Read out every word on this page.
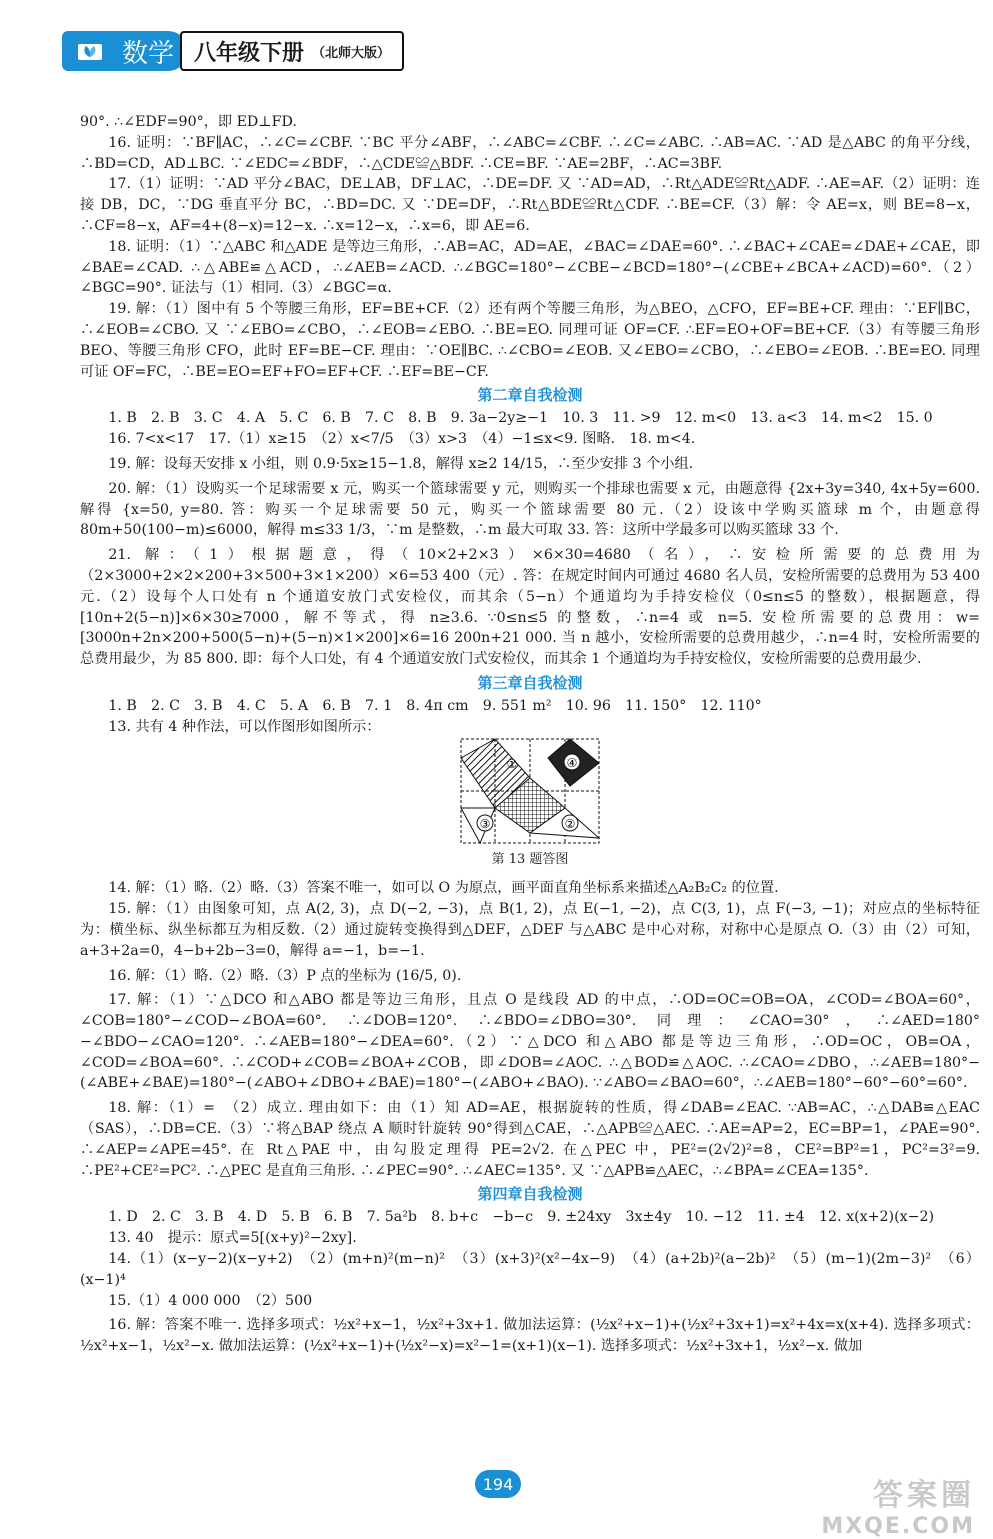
数学 八年级下册 （北师大版）

90°. ∴∠EDF=90°，即 ED⊥FD.

16. 证明：∵BF∥AC，∴∠C=∠CBF. ∵BC 平分∠ABF，∴∠ABC=∠CBF. ∴∠C=∠ABC. ∴AB=AC. ∵AD 是△ABC 的角平分线，∴BD=CD，AD⊥BC. ∵∠EDC=∠BDF，∴△CDE≌△BDF. ∴CE=BF. ∵AE=2BF，∴AC=3BF.

17.（1）证明：∵AD 平分∠BAC，DE⊥AB，DF⊥AC，∴DE=DF. 又 ∵AD=AD，∴Rt△ADE≌Rt△ADF. ∴AE=AF.（2）证明：连接 DB，DC，∵DG 垂直平分 BC，∴BD=DC. 又 ∵DE=DF，∴Rt△BDE≌Rt△CDF. ∴BE=CF.（3）解：令 AE=x，则 BE=8−x，∴CF=8−x，AF=4+(8−x)=12−x. ∴x=12−x，∴x=6，即 AE=6.

18. 证明：（1）∵△ABC 和△ADE 是等边三角形，∴AB=AC，AD=AE，∠BAC=∠DAE=60°. ∴∠BAC+∠CAE=∠DAE+∠CAE，即∠BAE=∠CAD. ∴△ABE≌△ACD，∴∠AEB=∠ACD. ∴∠BGC=180°−∠CBE−∠BCD=180°−(∠CBE+∠BCA+∠ACD)=60°.（2）∠BGC=90°. 证法与（1）相同.（3）∠BGC=α.

19. 解：（1）图中有 5 个等腰三角形，EF=BE+CF.（2）还有两个等腰三角形，为△BEO，△CFO，EF=BE+CF. 理由：∵EF∥BC，∴∠EOB=∠CBO. 又 ∵∠EBO=∠CBO，∴∠EOB=∠EBO. ∴BE=EO. 同理可证 OF=CF. ∴EF=EO+OF=BE+CF.（3）有等腰三角形 BEO、等腰三角形 CFO，此时 EF=BE−CF. 理由：∵OE∥BC. ∴∠CBO=∠EOB. 又∠EBO=∠CBO，∴∠EBO=∠EOB. ∴BE=EO. 同理可证 OF=FC，∴BE=EO=EF+FO=EF+CF. ∴EF=BE−CF.

第二章自我检测

1. B　2. B　3. C　4. A　5. C　6. B　7. C　8. B　9. 3a−2y≥−1　10. 3　11. >9　12. m<0　13. a<3　14. m<2　15. 0

16. 7<x<17　17.（1）x≥15　（2）x<7/5　（3）x>3　（4）−1≤x<9. 图略.　18. m<4.

19. 解：设每天安排 x 小组，则 0.9·5x≥15−1.8，解得 x≥2 14/15，∴至少安排 3 个小组.

20. 解：（1）设购买一个足球需要 x 元，购买一个篮球需要 y 元，则购买一个排球也需要 x 元，由题意得 {2x+3y=340, 4x+5y=600. 解得 {x=50, y=80. 答：购买一个足球需要 50 元，购买一个篮球需要 80 元.（2）设该中学购买篮球 m 个，由题意得 80m+50(100−m)≤6000，解得 m≤33 1/3，∵m 是整数，∴m 最大可取 33. 答：这所中学最多可以购买篮球 33 个.

21. 解：（1）根据题意，得（10×2+2×3）×6×30=4680（名），∴安检所需要的总费用为（2×3000+2×2×200+3×500+3×1×200）×6=53 400（元）. 答：在规定时间内可通过 4680 名人员，安检所需要的总费用为 53 400 元.（2）设每个人口处有 n 个通道安放门式安检仪，而其余（5−n）个通道均为手持安检仪（0≤n≤5 的整数），根据题意，得 [10n+2(5−n)]×6×30≥7000，解不等式，得 n≥3.6. ∵0≤n≤5 的整数，∴n=4 或 n=5. 安检所需要的总费用：w=[3000n+2n×200+500(5−n)+(5−n)×1×200]×6=16 200n+21 000. 当 n 越小，安检所需要的总费用越少，∴n=4 时，安检所需要的总费用最少，为 85 800. 即：每个人口处，有 4 个通道安放门式安检仪，而其余 1 个通道均为手持安检仪，安检所需要的总费用最少.

第三章自我检测

1. B　2. C　3. B　4. C　5. A　6. B　7. 1　8. 4π cm　9. 551 m²　10. 96　11. 150°　12. 110°

13. 共有 4 种作法，可以作图形如图所示：

③	②
④
①
第 13 题答图

14. 解：（1）略.（2）略.（3）答案不唯一，如可以 O 为原点，画平面直角坐标系来描述△A₂B₂C₂ 的位置.

15. 解：（1）由图象可知，点 A(2, 3)，点 D(−2, −3)，点 B(1, 2)，点 E(−1, −2)，点 C(3, 1)，点 F(−3, −1)；对应点的坐标特征为：横坐标、纵坐标都互为相反数.（2）通过旋转变换得到△DEF，△DEF 与△ABC 是中心对称，对称中心是原点 O.（3）由（2）可知，a+3+2a=0，4−b+2b−3=0，解得 a=−1，b=−1.

16. 解：（1）略.（2）略.（3）P 点的坐标为 (16/5, 0).

17. 解：（1）∵△DCO 和△ABO 都是等边三角形，且点 O 是线段 AD 的中点，∴OD=OC=OB=OA，∠COD=∠BOA=60°，∠COB=180°−∠COD−∠BOA=60°. ∴∠DOB=120°. ∴∠BDO=∠DBO=30°. 同理：∠CAO=30°，∴∠AED=180°−∠BDO−∠CAO=120°. ∴∠AEB=180°−∠DEA=60°.（2）∵△DCO 和△ABO 都是等边三角形，∴OD=OC，OB=OA，∠COD=∠BOA=60°. ∴∠COD+∠COB=∠BOA+∠COB，即∠DOB=∠AOC. ∴△BOD≌△AOC. ∴∠CAO=∠DBO，∴∠AEB=180°−(∠ABE+∠BAE)=180°−(∠ABO+∠DBO+∠BAE)=180°−(∠ABO+∠BAO). ∵∠ABO=∠BAO=60°，∴∠AEB=180°−60°−60°=60°.

18. 解：（1）=　（2）成立. 理由如下：由（1）知 AD=AE，根据旋转的性质，得∠DAB=∠EAC. ∵AB=AC，∴△DAB≌△EAC（SAS），∴DB=CE.（3）∵将△BAP 绕点 A 顺时针旋转 90°得到△CAE，∴△APB≌△AEC. ∴AE=AP=2，EC=BP=1，∠PAE=90°. ∴∠AEP=∠APE=45°. 在 Rt△PAE 中，由勾股定理得 PE=2√2. 在△PEC 中，PE²=(2√2)²=8，CE²=BP²=1，PC²=3²=9. ∴PE²+CE²=PC². ∴△PEC 是直角三角形. ∴∠PEC=90°. ∴∠AEC=135°. 又 ∵△APB≌△AEC，∴∠BPA=∠CEA=135°.

第四章自我检测

1. D　2. C　3. B　4. D　5. B　6. B　7. 5a²b　8. b+c　−b−c　9. ±24xy　3x±4y　10. −12　11. ±4　12. x(x+2)(x−2)

13. 40　提示：原式=5[(x+y)²−2xy].

14.（1）(x−y−2)(x−y+2)　（2）(m+n)²(m−n)²　（3）(x+3)²(x²−4x−9)　（4）(a+2b)²(a−2b)²　（5）(m−1)(2m−3)²　（6）(x−1)⁴

15.（1）4 000 000　（2）500

16. 解：答案不唯一. 选择多项式：½x²+x−1，½x²+3x+1. 做加法运算：(½x²+x−1)+(½x²+3x+1)=x²+4x=x(x+4). 选择多项式：½x²+x−1，½x²−x. 做加法运算：(½x²+x−1)+(½x²−x)=x²−1=(x+1)(x−1). 选择多项式：½x²+3x+1，½x²−x. 做加

194	答案圈
MXQE.COM
